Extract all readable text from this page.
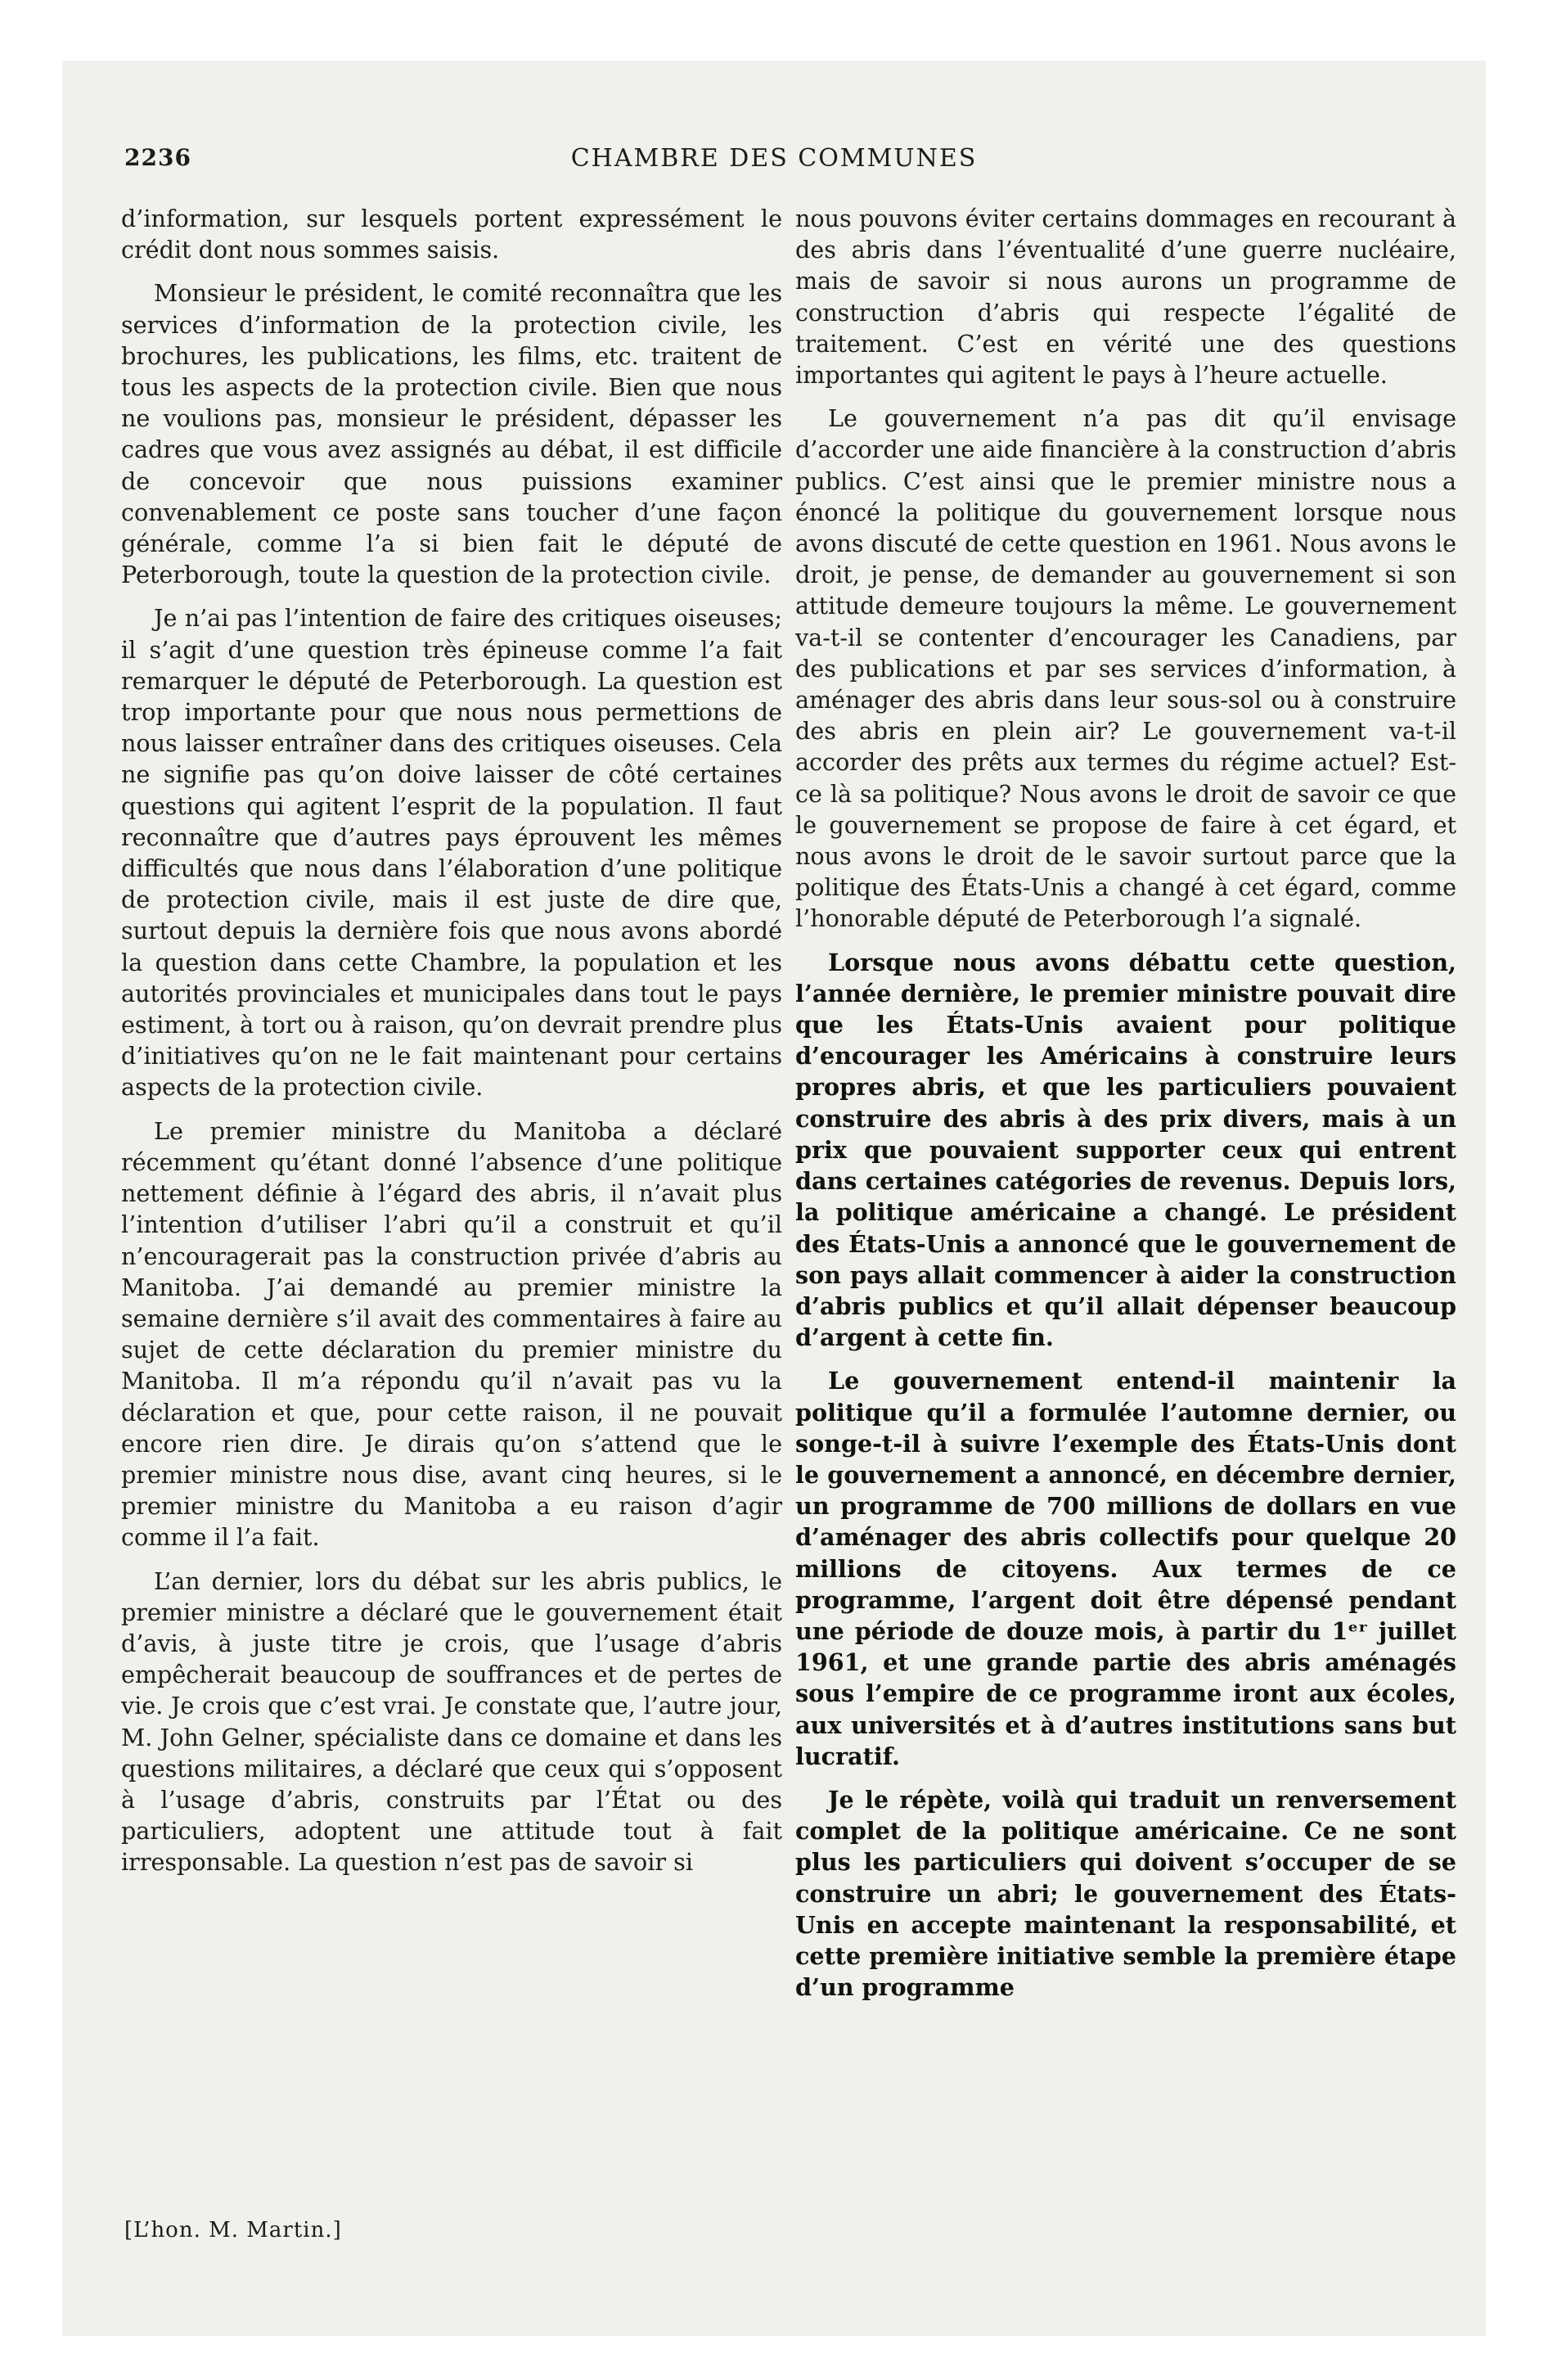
2236	CHAMBRE DES COMMUNES

d’information, sur lesquels portent expressément le crédit dont nous sommes saisis.

Monsieur le président, le comité reconnaîtra que les services d’information de la protection civile, les brochures, les publications, les films, etc. traitent de tous les aspects de la protection civile. Bien que nous ne voulions pas, monsieur le président, dépasser les cadres que vous avez assignés au débat, il est difficile de concevoir que nous puissions examiner convenablement ce poste sans toucher d’une façon générale, comme l’a si bien fait le député de Peterborough, toute la question de la protection civile.

Je n’ai pas l’intention de faire des critiques oiseuses; il s’agit d’une question très épineuse comme l’a fait remarquer le député de Peterborough. La question est trop importante pour que nous nous permettions de nous laisser entraîner dans des critiques oiseuses. Cela ne signifie pas qu’on doive laisser de côté certaines questions qui agitent l’esprit de la population. Il faut reconnaître que d’autres pays éprouvent les mêmes difficultés que nous dans l’élaboration d’une politique de protection civile, mais il est juste de dire que, surtout depuis la dernière fois que nous avons abordé la question dans cette Chambre, la population et les autorités provinciales et municipales dans tout le pays estiment, à tort ou à raison, qu’on devrait prendre plus d’initiatives qu’on ne le fait maintenant pour certains aspects de la protection civile.

Le premier ministre du Manitoba a déclaré récemment qu’étant donné l’absence d’une politique nettement définie à l’égard des abris, il n’avait plus l’intention d’utiliser l’abri qu’il a construit et qu’il n’encouragerait pas la construction privée d’abris au Manitoba. J’ai demandé au premier ministre la semaine dernière s’il avait des commentaires à faire au sujet de cette déclaration du premier ministre du Manitoba. Il m’a répondu qu’il n’avait pas vu la déclaration et que, pour cette raison, il ne pouvait encore rien dire. Je dirais qu’on s’attend que le premier ministre nous dise, avant cinq heures, si le premier ministre du Manitoba a eu raison d’agir comme il l’a fait.

L’an dernier, lors du débat sur les abris publics, le premier ministre a déclaré que le gouvernement était d’avis, à juste titre je crois, que l’usage d’abris empêcherait beaucoup de souffrances et de pertes de vie. Je crois que c’est vrai. Je constate que, l’autre jour, M. John Gelner, spécialiste dans ce domaine et dans les questions militaires, a déclaré que ceux qui s’opposent à l’usage d’abris, construits par l’État ou des particuliers, adoptent une attitude tout à fait irresponsable. La question n’est pas de savoir si

[L’hon. M. Martin.]

nous pouvons éviter certains dommages en recourant à des abris dans l’éventualité d’une guerre nucléaire, mais de savoir si nous aurons un programme de construction d’abris qui respecte l’égalité de traitement. C’est en vérité une des questions importantes qui agitent le pays à l’heure actuelle.

Le gouvernement n’a pas dit qu’il envisage d’accorder une aide financière à la construction d’abris publics. C’est ainsi que le premier ministre nous a énoncé la politique du gouvernement lorsque nous avons discuté de cette question en 1961. Nous avons le droit, je pense, de demander au gouvernement si son attitude demeure toujours la même. Le gouvernement va-t-il se contenter d’encourager les Canadiens, par des publications et par ses services d’information, à aménager des abris dans leur sous-sol ou à construire des abris en plein air? Le gouvernement va-t-il accorder des prêts aux termes du régime actuel? Est-ce là sa politique? Nous avons le droit de savoir ce que le gouvernement se propose de faire à cet égard, et nous avons le droit de le savoir surtout parce que la politique des États-Unis a changé à cet égard, comme l’honorable député de Peterborough l’a signalé.

Lorsque nous avons débattu cette question, l’année dernière, le premier ministre pouvait dire que les États-Unis avaient pour politique d’encourager les Américains à construire leurs propres abris, et que les particuliers pouvaient construire des abris à des prix divers, mais à un prix que pouvaient supporter ceux qui entrent dans certaines catégories de revenus. Depuis lors, la politique américaine a changé. Le président des États-Unis a annoncé que le gouvernement de son pays allait commencer à aider la construction d’abris publics et qu’il allait dépenser beaucoup d’argent à cette fin.

Le gouvernement entend-il maintenir la politique qu’il a formulée l’automne dernier, ou songe-t-il à suivre l’exemple des États-Unis dont le gouvernement a annoncé, en décembre dernier, un programme de 700 millions de dollars en vue d’aménager des abris collectifs pour quelque 20 millions de citoyens. Aux termes de ce programme, l’argent doit être dépensé pendant une période de douze mois, à partir du 1ᵉʳ juillet 1961, et une grande partie des abris aménagés sous l’empire de ce programme iront aux écoles, aux universités et à d’autres institutions sans but lucratif.

Je le répète, voilà qui traduit un renversement complet de la politique américaine. Ce ne sont plus les particuliers qui doivent s’occuper de se construire un abri; le gouvernement des États-Unis en accepte maintenant la responsabilité, et cette première initiative semble la première étape d’un programme
